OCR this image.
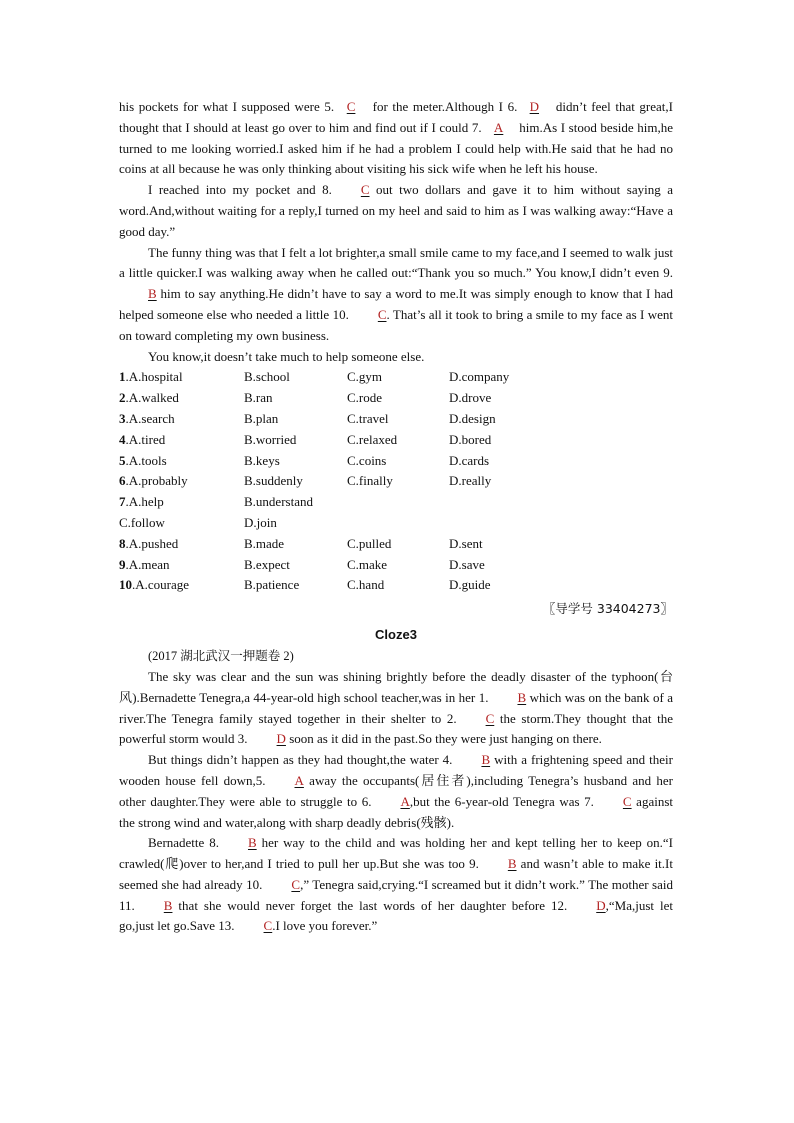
his pockets for what I supposed were 5. C for the meter.Although I 6. D didn’t feel that great,I thought that I should at least go over to him and find out if I could 7. A him.As I stood beside him,he turned to me looking worried.I asked him if he had a problem I could help with.He said that he had no coins at all because he was only thinking about visiting his sick wife when he left his house.

I reached into my pocket and 8. C out two dollars and gave it to him without saying a word.And,without waiting for a reply,I turned on my heel and said to him as I was walking away:“Have a good day.”

The funny thing was that I felt a lot brighter,a small smile came to my face,and I seemed to walk just a little quicker.I was walking away when he called out:“Thank you so much.” You know,I didn’t even 9.B him to say anything.He didn’t have to say a word to me.It was simply enough to know that I had helped someone else who needed a little 10. C. That’s all it took to bring a smile to my face as I went on toward completing my own business.

You know,it doesn’t take much to help someone else.

1.A.hospital	B.school	C.gym	D.company
2.A.walked	B.ran	C.rode	D.drove
3.A.search	B.plan	C.travel	D.design
4.A.tired	B.worried	C.relaxed	D.bored
5.A.tools	B.keys	C.coins	D.cards
6.A.probably	B.suddenly	C.finally	D.really
7.A.help	B.understand
C.follow	D.join
8.A.pushed	B.made	C.pulled	D.sent
9.A.mean	B.expect	C.make	D.save
10.A.courage	B.patience	C.hand	D.guide
〖导学号 33404273〗
Cloze3

(2017 湖北武汉一押题卷 2)

The sky was clear and the sun was shining brightly before the deadly disaster of the typhoon(台风).Bernadette Tenegra,a 44-year-old high school teacher,was in her 1. B which was on the bank of a river.The Tenegra family stayed together in their shelter to 2. C the storm.They thought that the powerful storm would 3. D soon as it did in the past.So they were just hanging on there.

But things didn’t happen as they had thought,the water 4. B with a frightening speed and their wooden house fell down,5. A away the occupants(居住者),including Tenegra’s husband and her other daughter.They were able to struggle to 6. A,but the 6-year-old Tenegra was 7. C against the strong wind and water,along with sharp deadly debris(残骸).

Bernadette 8. B her way to the child and was holding her and kept telling her to keep on.“I crawled(爬)over to her,and I tried to pull her up.But she was too 9. B and wasn’t able to make it.It seemed she had already 10. C,” Tenegra said,crying.“I screamed but it didn’t work.” The mother said 11. B that she would never forget the last words of her daughter before 12. D,“Ma,just let go,just let go.Save 13. C.I love you forever.”
